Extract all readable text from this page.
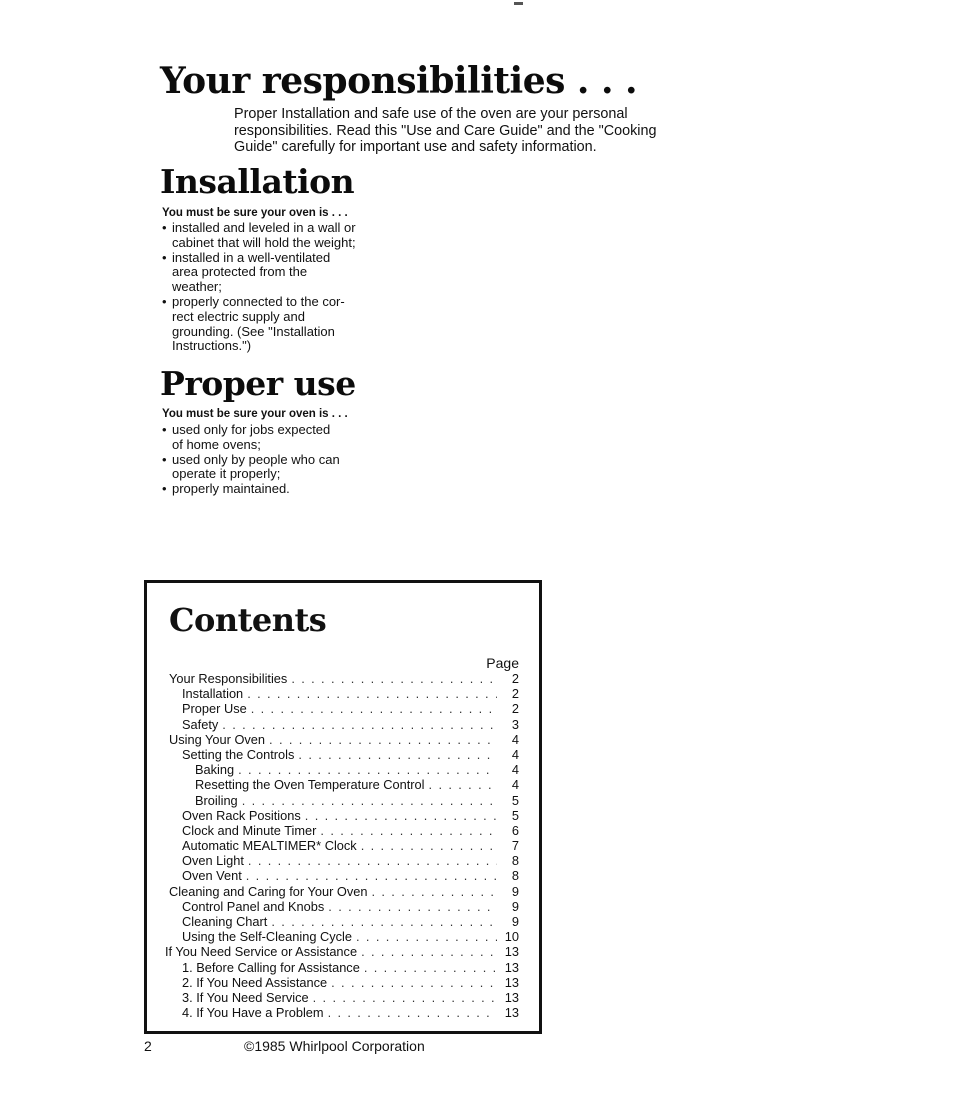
Your responsibilities . . .

Proper Installation and safe use of the oven are your personal

responsibilities. Read this "Use and Care Guide" and the "Cooking

Guide" carefully for important use and safety information.

Insallation

You must be sure your oven is . . .

• installed and leveled in a wall or
cabinet that will hold the weight;
• installed in a well-ventilated
area protected from the
weather;
• properly connected to the cor-
rect electric supply and
grounding. (See "Installation
Instructions.")
Proper use

You must be sure your oven is . . .

• used only for jobs expected
of home ovens;
• used only by people who can
operate it properly;
• properly maintained.
Contents
Page
Your Responsibilities . . .	2
Installation . . .	2
Proper Use . . .	2
Safety . . .	3
Using Your Oven . . .	4
Setting the Controls . . .	4
Baking . . .	4
Resetting the Oven Temperature Control . . .	4
Broiling . . .	5
Oven Rack Positions . . .	5
Clock and Minute Timer . . .	6
Automatic MEALTIMER* Clock . . .	7
Oven Light . . .	8
Oven Vent . . .	8
Cleaning and Caring for Your Oven . . .	9
Control Panel and Knobs . . .	9
Cleaning Chart . . .	9
Using the Self-Cleaning Cycle . . .	10
If You Need Service or Assistance . . .	13
1. Before Calling for Assistance . . .	13
2. If You Need Assistance . . .	13
3. If You Need Service . . .	13
4. If You Have a Problem . . .	13
2	©1985 Whirlpool Corporation
